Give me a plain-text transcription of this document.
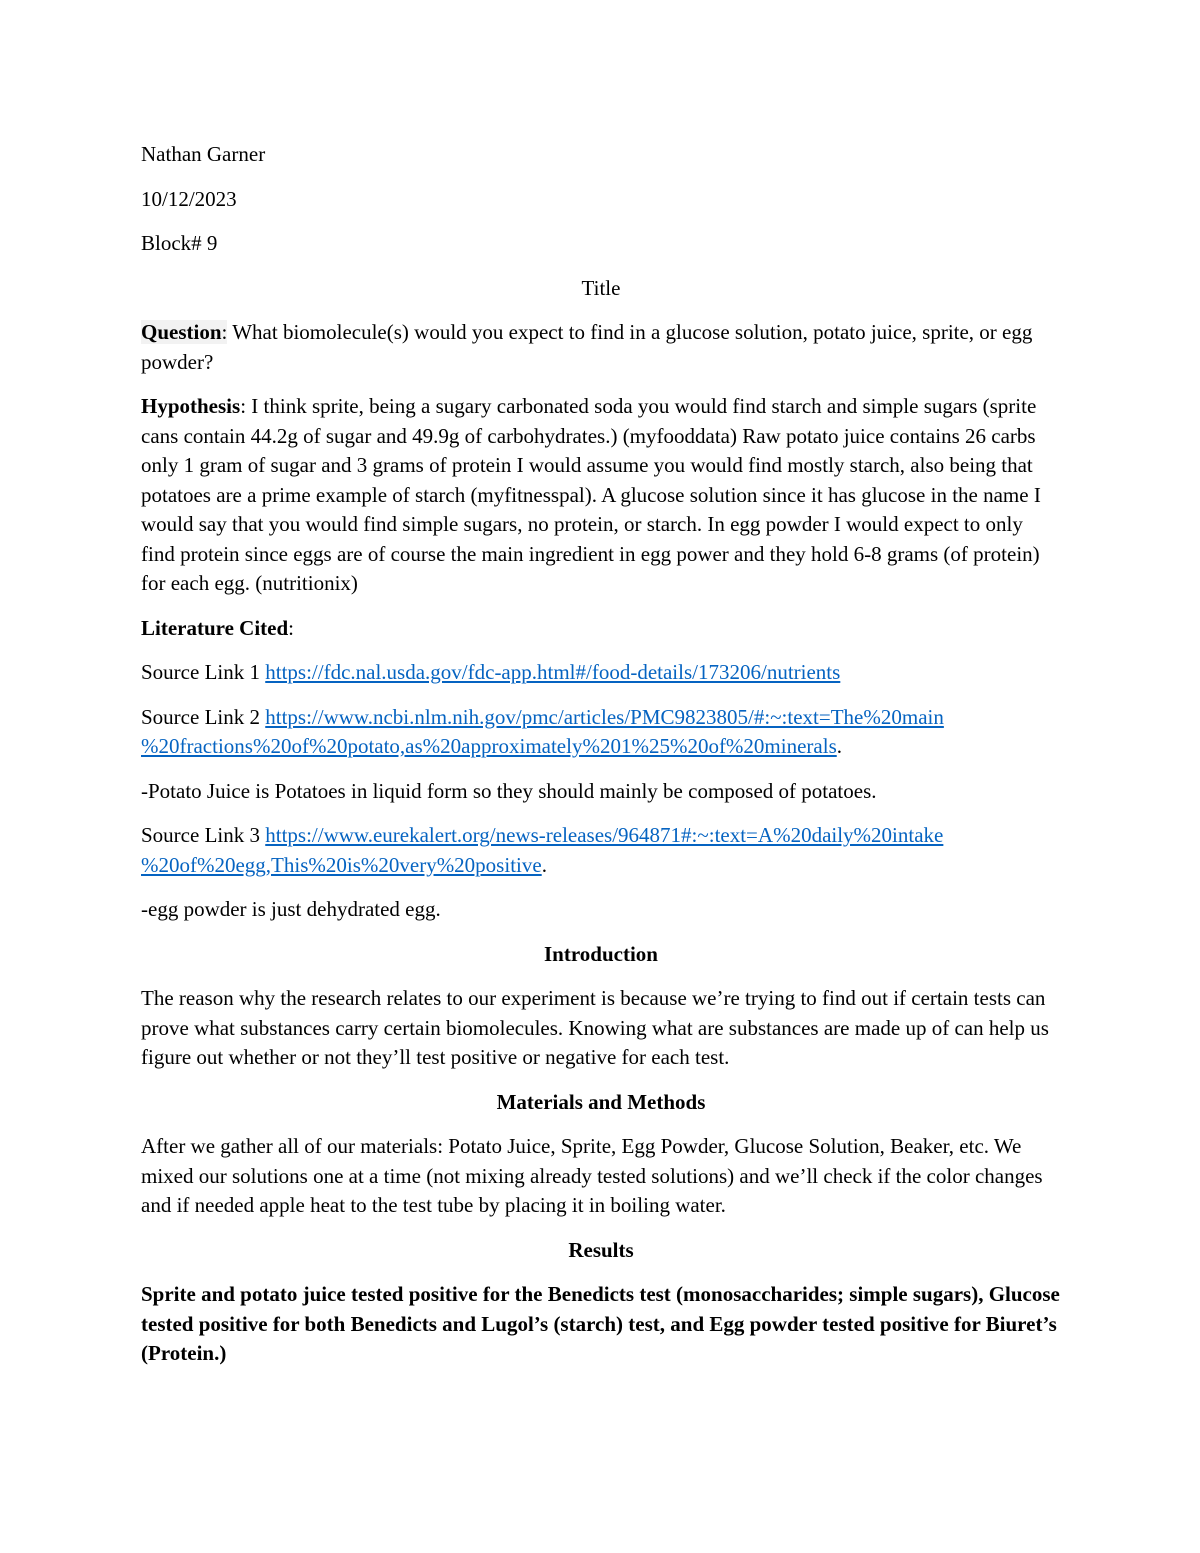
Nathan Garner

10/12/2023

Block# 9

Title

Question: What biomolecule(s) would you expect to find in a glucose solution, potato juice, sprite, or egg powder?

Hypothesis: I think sprite, being a sugary carbonated soda you would find starch and simple sugars (sprite cans contain 44.2g of sugar and 49.9g of carbohydrates.) (myfooddata) Raw potato juice contains 26 carbs only 1 gram of sugar and 3 grams of protein I would assume you would find mostly starch, also being that potatoes are a prime example of starch (myfitnesspal). A glucose solution since it has glucose in the name I would say that you would find simple sugars, no protein, or starch. In egg powder I would expect to only find protein since eggs are of course the main ingredient in egg power and they hold 6-8 grams (of protein) for each egg. (nutritionix)

Literature Cited:

Source Link 1 https://fdc.nal.usda.gov/fdc-app.html#/food-details/173206/nutrients

Source Link 2 https://www.ncbi.nlm.nih.gov/pmc/articles/PMC9823805/#:~:text=The%20main
%20fractions%20of%20potato,as%20approximately%201%25%20of%20minerals.

-Potato Juice is Potatoes in liquid form so they should mainly be composed of potatoes.

Source Link 3 https://www.eurekalert.org/news-releases/964871#:~:text=A%20daily%20intake
%20of%20egg,This%20is%20very%20positive.

-egg powder is just dehydrated egg.

Introduction

The reason why the research relates to our experiment is because we’re trying to find out if certain tests can prove what substances carry certain biomolecules. Knowing what are substances are made up of can help us figure out whether or not they’ll test positive or negative for each test.

Materials and Methods

After we gather all of our materials: Potato Juice, Sprite, Egg Powder, Glucose Solution, Beaker, etc. We mixed our solutions one at a time (not mixing already tested solutions) and we’ll check if the color changes and if needed apple heat to the test tube by placing it in boiling water.

Results

Sprite and potato juice tested positive for the Benedicts test (monosaccharides; simple sugars), Glucose tested positive for both Benedicts and Lugol’s (starch) test, and Egg powder tested positive for Biuret’s (Protein.)
